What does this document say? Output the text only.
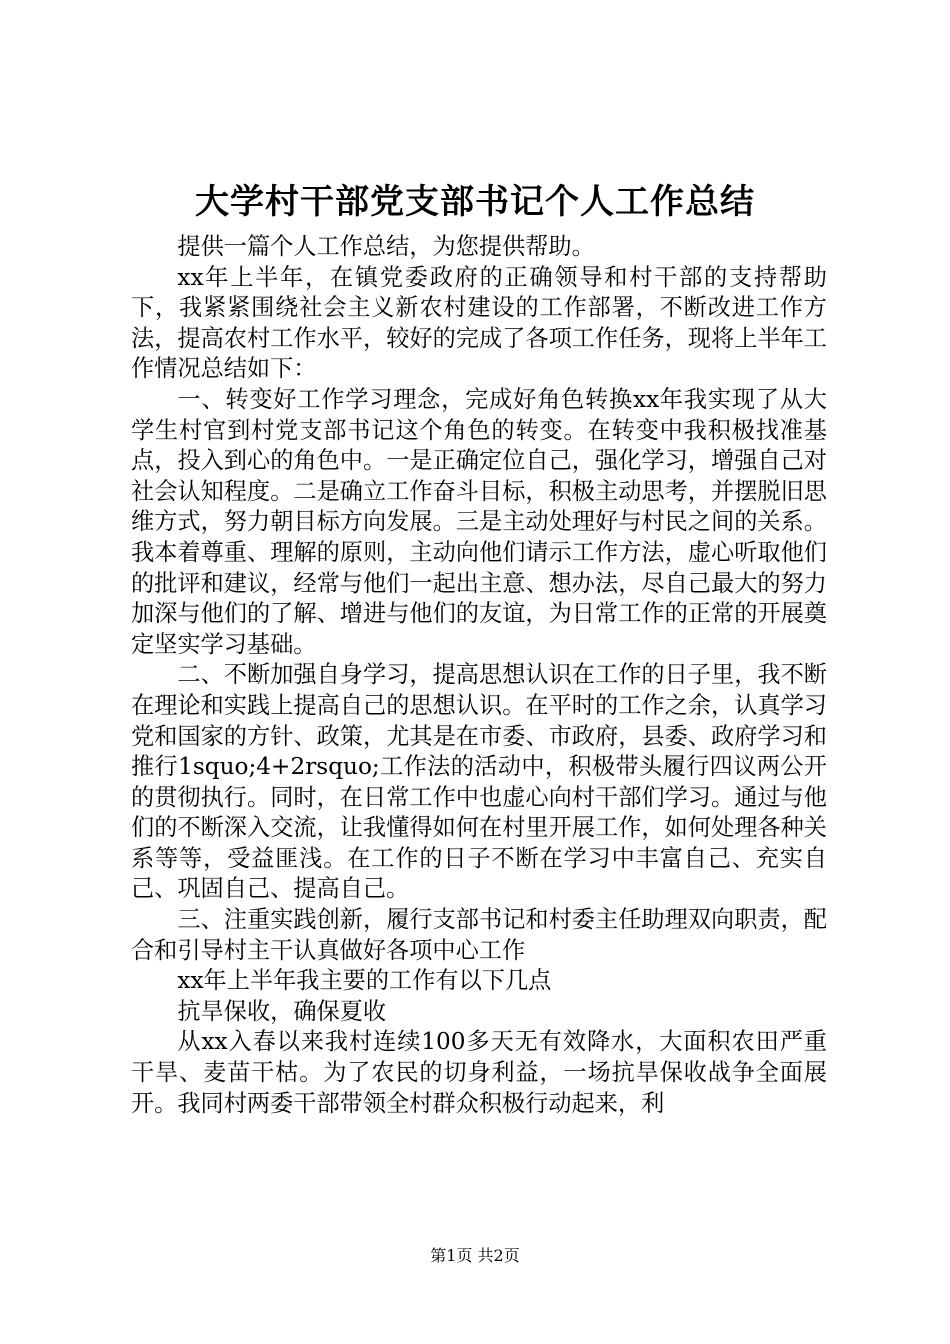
大学村干部党支部书记个人工作总结

提供一篇个人工作总结，为您提供帮助。

xx年上半年，在镇党委政府的正确领导和村干部的支持帮助下，我紧紧围绕社会主义新农村建设的工作部署，不断改进工作方法，提高农村工作水平，较好的完成了各项工作任务，现将上半年工作情况总结如下：

一、转变好工作学习理念，完成好角色转换xx年我实现了从大学生村官到村党支部书记这个角色的转变。在转变中我积极找准基点，投入到心的角色中。一是正确定位自己，强化学习，增强自己对社会认知程度。二是确立工作奋斗目标，积极主动思考，并摆脱旧思维方式，努力朝目标方向发展。三是主动处理好与村民之间的关系。我本着尊重、理解的原则，主动向他们请示工作方法，虚心听取他们的批评和建议，经常与他们一起出主意、想办法，尽自己最大的努力加深与他们的了解、增进与他们的友谊，为日常工作的正常的开展奠定坚实学习基础。

二、不断加强自身学习，提高思想认识在工作的日子里，我不断在理论和实践上提高自己的思想认识。在平时的工作之余，认真学习党和国家的方针、政策，尤其是在市委、市政府，县委、政府学习和推行1squo;4+2rsquo;工作法的活动中，积极带头履行四议两公开的贯彻执行。同时，在日常工作中也虚心向村干部们学习。通过与他们的不断深入交流，让我懂得如何在村里开展工作，如何处理各种关系等等，受益匪浅。在工作的日子不断在学习中丰富自己、充实自己、巩固自己、提高自己。

三、注重实践创新，履行支部书记和村委主任助理双向职责，配合和引导村主干认真做好各项中心工作

xx年上半年我主要的工作有以下几点

抗旱保收，确保夏收

从xx入春以来我村连续100多天无有效降水，大面积农田严重干旱、麦苗干枯。为了农民的切身利益，一场抗旱保收战争全面展开。我同村两委干部带领全村群众积极行动起来，利

第1页 共2页
